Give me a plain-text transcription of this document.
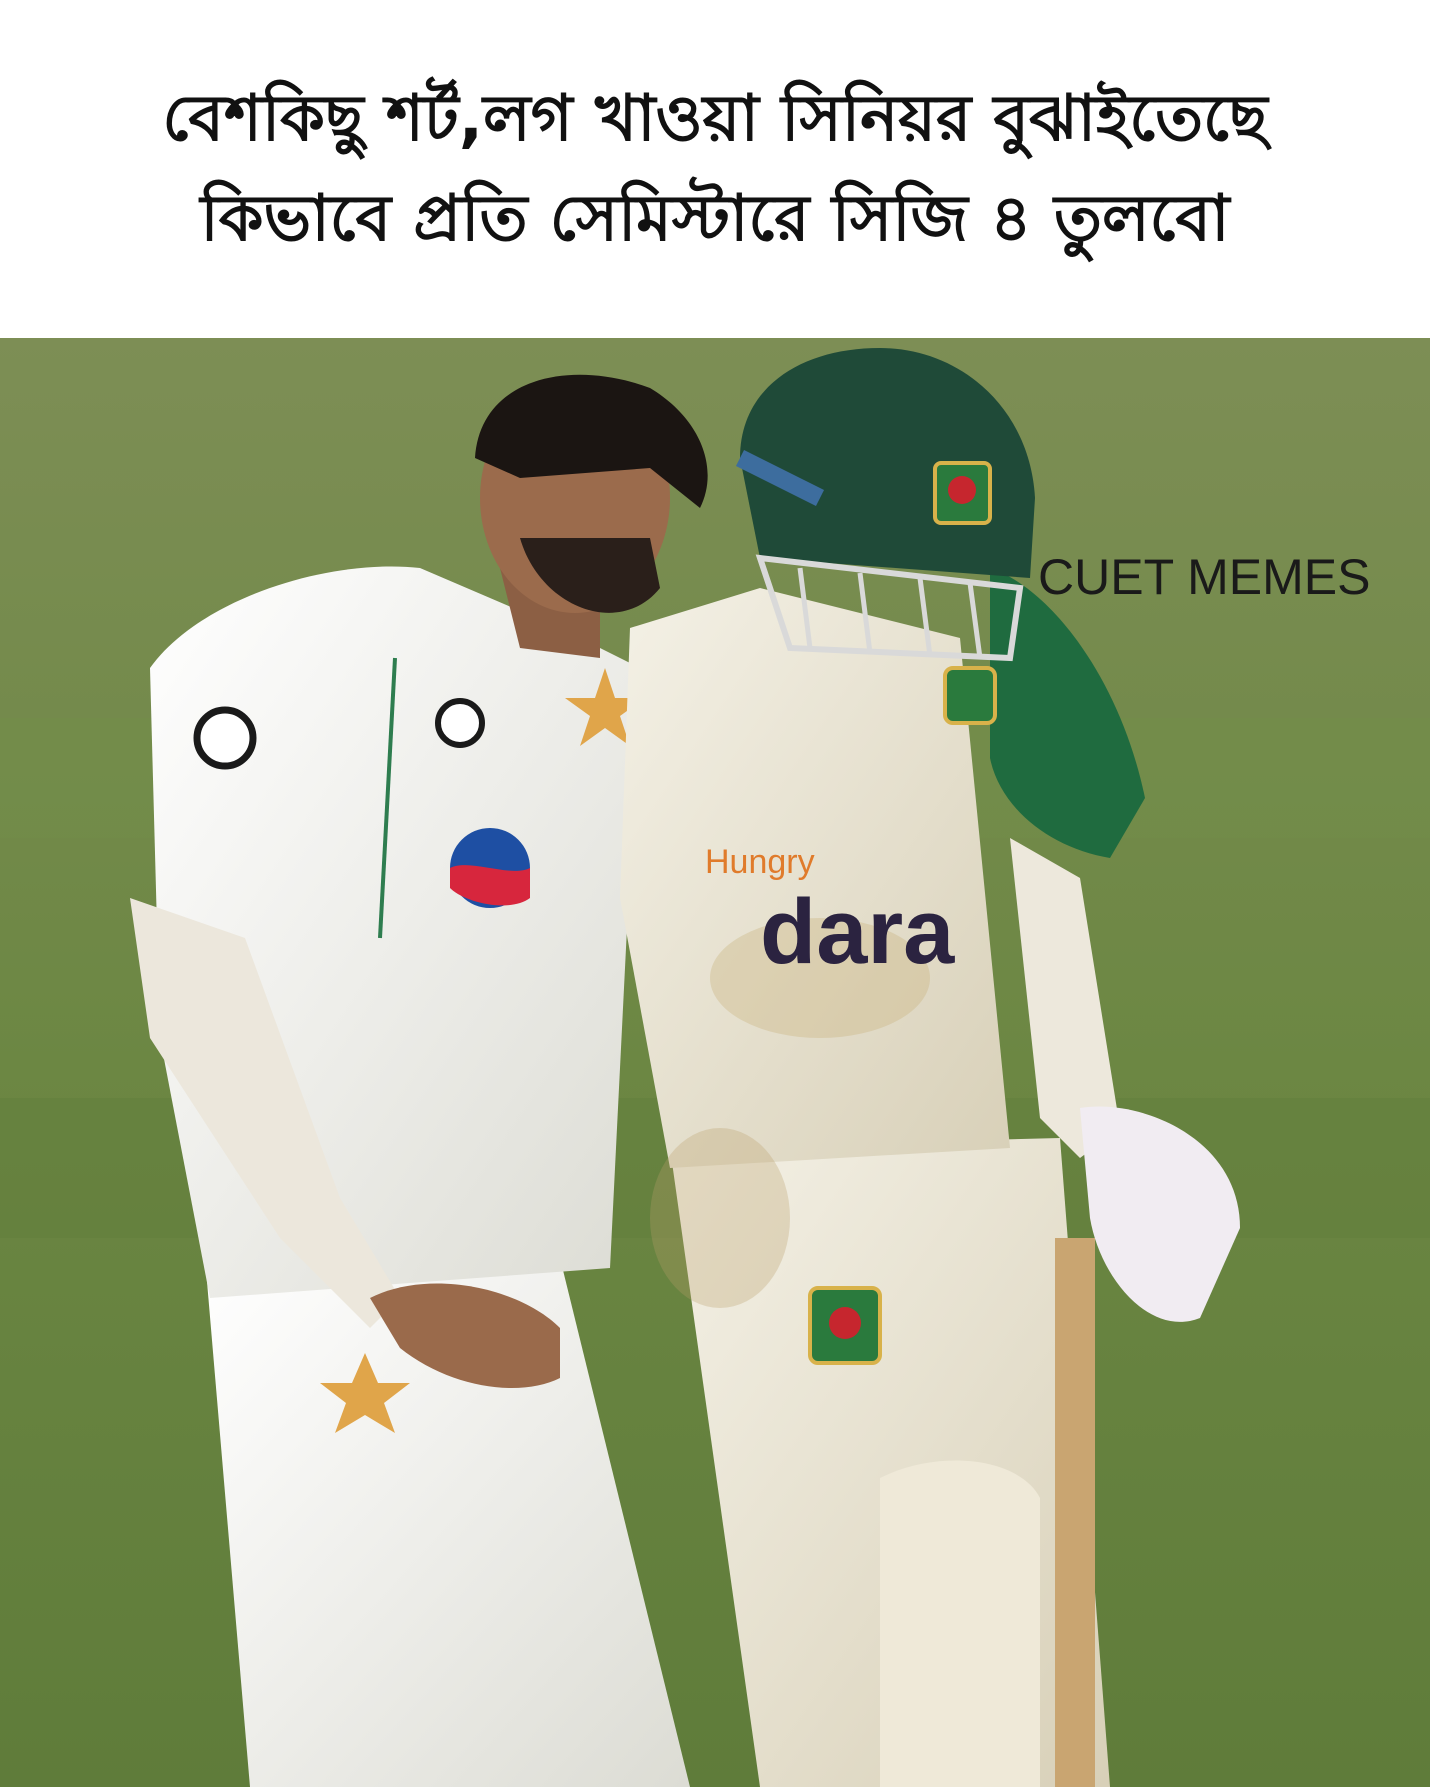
বেশকিছু শর্ট,লগ খাওয়া সিনিয়র বুঝাইতেছে
কিভাবে প্রতি সেমিস্টারে সিজি ৪ তুলবো
Hungry
dara
CUET MEMES
